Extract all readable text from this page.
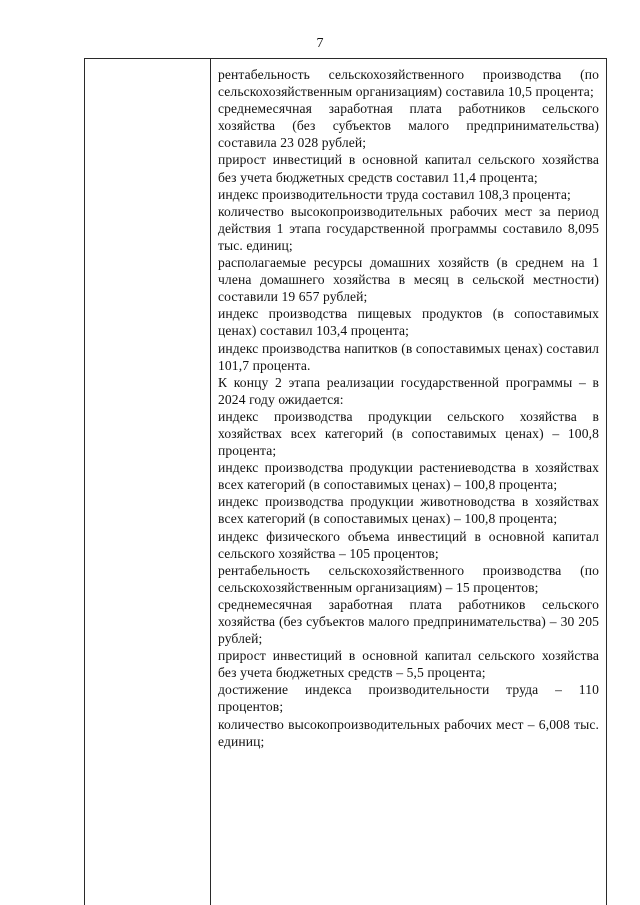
7

рентабельность сельскохозяйственного производства (по сельскохозяйственным организациям) составила 10,5 процента;

среднемесячная заработная плата работников сельского хозяйства (без субъектов малого предпринимательства) составила 23 028 рублей;

прирост инвестиций в основной капитал сельского хозяйства без учета бюджетных средств составил 11,4 процента;

индекс производительности труда составил 108,3 процента;

количество высокопроизводительных рабочих мест за период действия 1 этапа государственной программы составило 8,095 тыс. единиц;

располагаемые ресурсы домашних хозяйств (в среднем на 1 члена домашнего хозяйства в месяц в сельской местности) составили 19 657 рублей;

индекс производства пищевых продуктов (в сопоставимых ценах) составил 103,4 процента;

индекс производства напитков (в сопоставимых ценах) составил 101,7 процента.

К концу 2 этапа реализации государственной программы – в 2024 году ожидается:

индекс производства продукции сельского хозяйства в хозяйствах всех категорий (в сопоставимых ценах) – 100,8 процента;

индекс производства продукции растениеводства в хозяйствах всех категорий (в сопоставимых ценах) – 100,8 процента;

индекс производства продукции животноводства в хозяйствах всех категорий (в сопоставимых ценах) – 100,8 процента;

индекс физического объема инвестиций в основной капитал сельского хозяйства – 105 процентов;

рентабельность сельскохозяйственного производства (по сельскохозяйственным организациям) – 15 процентов;

среднемесячная заработная плата работников сельского хозяйства (без субъектов малого предпринимательства) – 30 205 рублей;

прирост инвестиций в основной капитал сельского хозяйства без учета бюджетных средств – 5,5 процента;

достижение индекса производительности труда – 110 процентов;

количество высокопроизводительных рабочих мест – 6,008 тыс. единиц;
